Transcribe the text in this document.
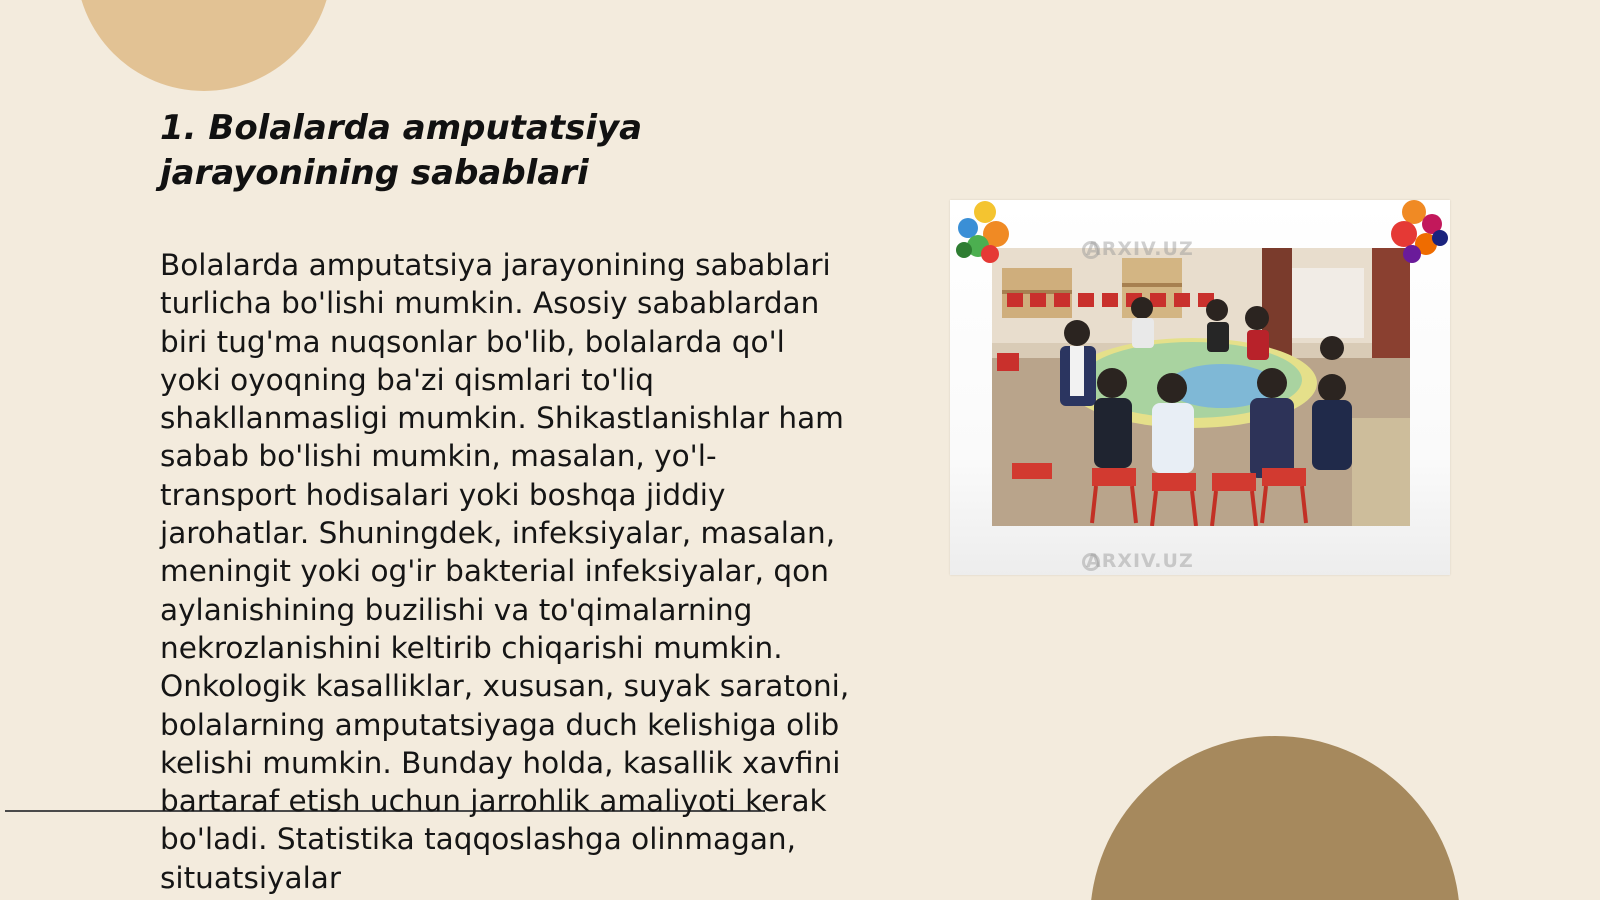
1. Bolalarda amputatsiya jarayonining sabablari

Bolalarda amputatsiya jarayonining sabablari turlicha bo'lishi mumkin. Asosiy sabablardan biri tug'ma nuqsonlar bo'lib, bolalarda qo'l yoki oyoqning ba'zi qismlari to'liq shakllanmasligi mumkin. Shikastlanishlar ham sabab bo'lishi mumkin, masalan, yo'l-transport hodisalari yoki boshqa jiddiy jarohatlar. Shuningdek, infeksiyalar, masalan, meningit yoki og'ir bakterial infeksiyalar, qon aylanishining buzilishi va to'qimalarning nekrozlanishini keltirib chiqarishi mumkin. Onkologik kasalliklar, xususan, suyak saratoni, bolalarning amputatsiyaga duch kelishiga olib kelishi mumkin. Bunday holda, kasallik xavfini bartaraf etish uchun jarrohlik amaliyoti kerak bo'ladi. Statistika taqqoslashga olinmagan, situatsiyalar

ARXIV.UZ
ARXIV.UZ
